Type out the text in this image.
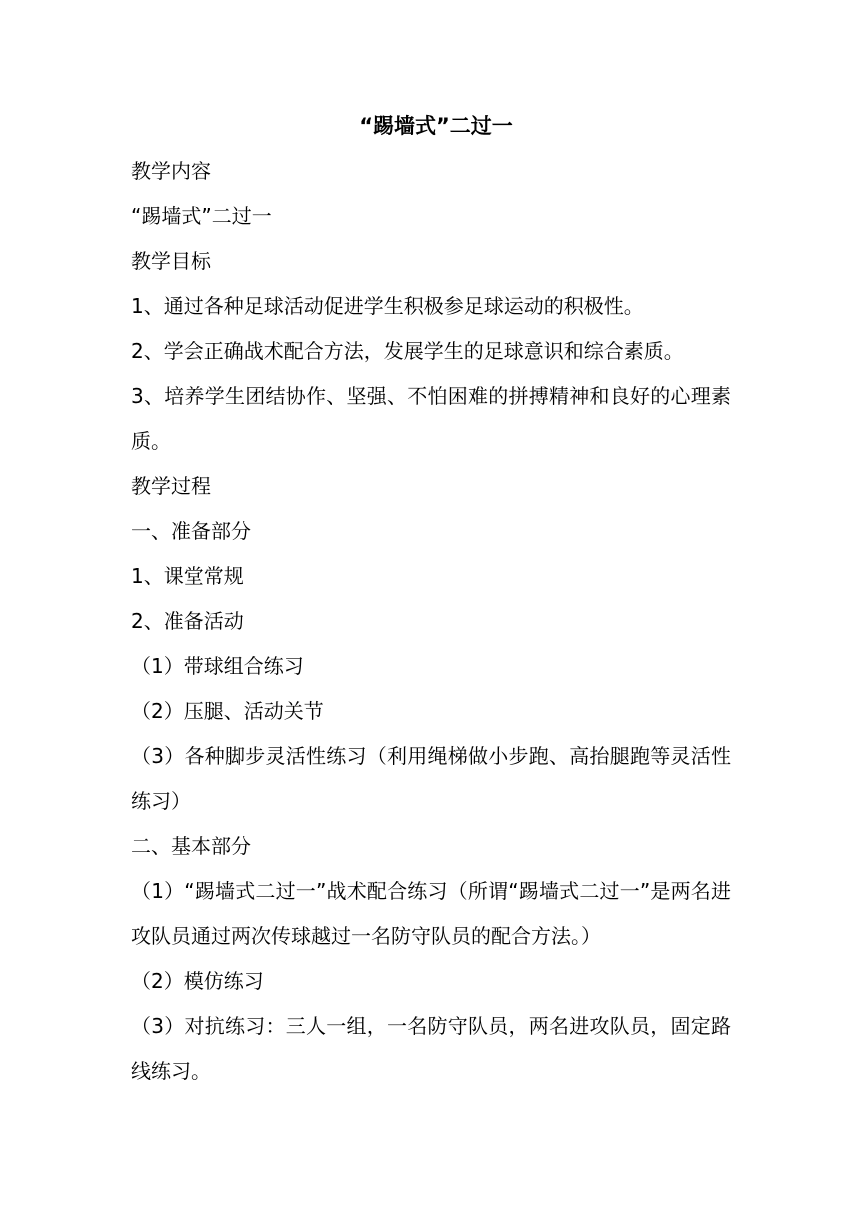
“踢墙式”二过一

教学内容

“踢墙式”二过一

教学目标

1、通过各种足球活动促进学生积极参足球运动的积极性。

2、学会正确战术配合方法，发展学生的足球意识和综合素质。

3、培养学生团结协作、坚强、不怕困难的拼搏精神和良好的心理素质。

教学过程

一、准备部分

1、课堂常规

2、准备活动

（1）带球组合练习

（2）压腿、活动关节

（3）各种脚步灵活性练习（利用绳梯做小步跑、高抬腿跑等灵活性练习）

二、基本部分

（1）“踢墙式二过一”战术配合练习（所谓“踢墙式二过一”是两名进攻队员通过两次传球越过一名防守队员的配合方法。）

（2）模仿练习

（3）对抗练习：三人一组，一名防守队员，两名进攻队员，固定路线练习。
